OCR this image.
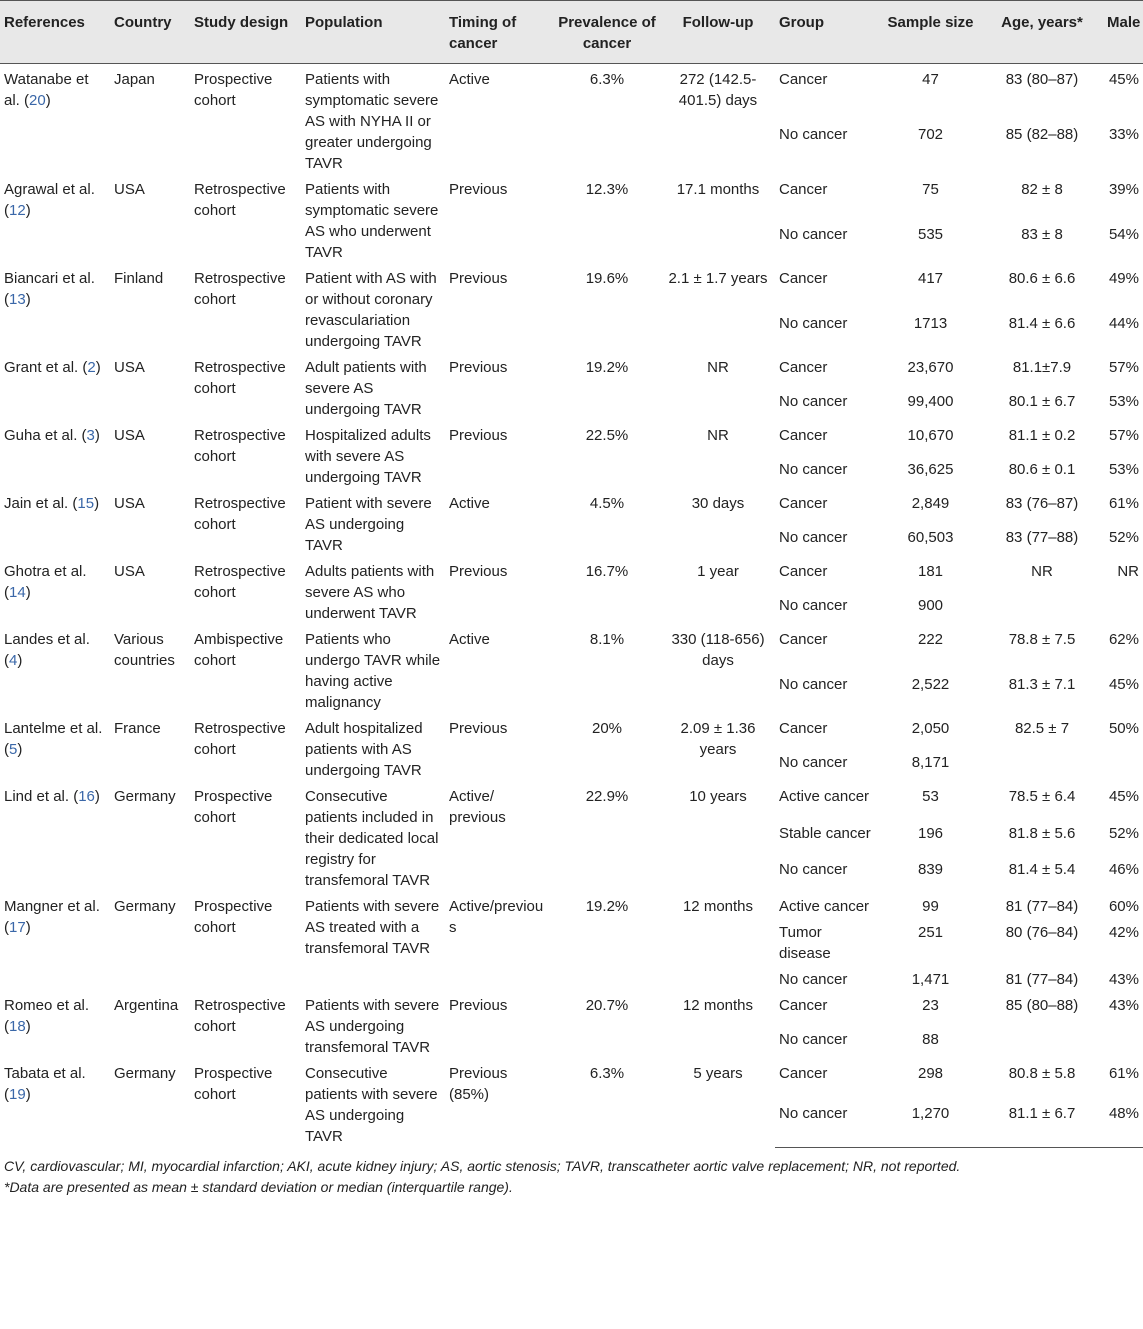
References	Country	Study design	Population	Timing of cancer	Prevalence of cancer	Follow-up	Group	Sample size	Age, years*	Male
Watanabe et al. (20)	Japan	Prospective cohort	Patients with symptomatic severe AS with NYHA II or greater undergoing TAVR	Active	6.3%	272 (142.5-401.5) days	Cancer	47	83 (80–87)	45%
							No cancer	702	85 (82–88)	33%
Agrawal et al. (12)	USA	Retrospective cohort	Patients with symptomatic severe AS who underwent TAVR	Previous	12.3%	17.1 months	Cancer	75	82 ± 8	39%
							No cancer	535	83 ± 8	54%
Biancari et al. (13)	Finland	Retrospective cohort	Patient with AS with or without coronary revasculariation undergoing TAVR	Previous	19.6%	2.1 ± 1.7 years	Cancer	417	80.6 ± 6.6	49%
							No cancer	1713	81.4 ± 6.6	44%
Grant et al. (2)	USA	Retrospective cohort	Adult patients with severe AS undergoing TAVR	Previous	19.2%	NR	Cancer	23,670	81.1±7.9	57%
							No cancer	99,400	80.1 ± 6.7	53%
Guha et al. (3)	USA	Retrospective cohort	Hospitalized adults with severe AS undergoing TAVR	Previous	22.5%	NR	Cancer	10,670	81.1 ± 0.2	57%
							No cancer	36,625	80.6 ± 0.1	53%
Jain et al. (15)	USA	Retrospective cohort	Patient with severe AS undergoing TAVR	Active	4.5%	30 days	Cancer	2,849	83 (76–87)	61%
							No cancer	60,503	83 (77–88)	52%
Ghotra et al. (14)	USA	Retrospective cohort	Adults patients with severe AS who underwent TAVR	Previous	16.7%	1 year	Cancer	181	NR	NR
							No cancer	900		
Landes et al. (4)	Various countries	Ambispective cohort	Patients who undergo TAVR while having active malignancy	Active	8.1%	330 (118-656) days	Cancer	222	78.8 ± 7.5	62%
							No cancer	2,522	81.3 ± 7.1	45%
Lantelme et al. (5)	France	Retrospective cohort	Adult hospitalized patients with AS undergoing TAVR	Previous	20%	2.09 ± 1.36 years	Cancer	2,050	82.5 ± 7	50%
							No cancer	8,171		
Lind et al. (16)	Germany	Prospective cohort	Consecutive patients included in their dedicated local registry for transfemoral TAVR	Active/ previous	22.9%	10 years	Active cancer	53	78.5 ± 6.4	45%
							Stable cancer	196	81.8 ± 5.6	52%
							No cancer	839	81.4 ± 5.4	46%
Mangner et al. (17)	Germany	Prospective cohort	Patients with severe AS treated with a transfemoral TAVR	Active/previous	19.2%	12 months	Active cancer	99	81 (77–84)	60%
							Tumor disease	251	80 (76–84)	42%
							No cancer	1,471	81 (77–84)	43%
Romeo et al. (18)	Argentina	Retrospective cohort	Patients with severe AS undergoing transfemoral TAVR	Previous	20.7%	12 months	Cancer	23	85 (80–88)	43%
							No cancer	88		
Tabata et al. (19)	Germany	Prospective cohort	Consecutive patients with severe AS undergoing TAVR	Previous (85%)	6.3%	5 years	Cancer	298	80.8 ± 5.8	61%
							No cancer	1,270	81.1 ± 6.7	48%

CV, cardiovascular; MI, myocardial infarction; AKI, acute kidney injury; AS, aortic stenosis; TAVR, transcatheter aortic valve replacement; NR, not reported.

*Data are presented as mean ± standard deviation or median (interquartile range).
